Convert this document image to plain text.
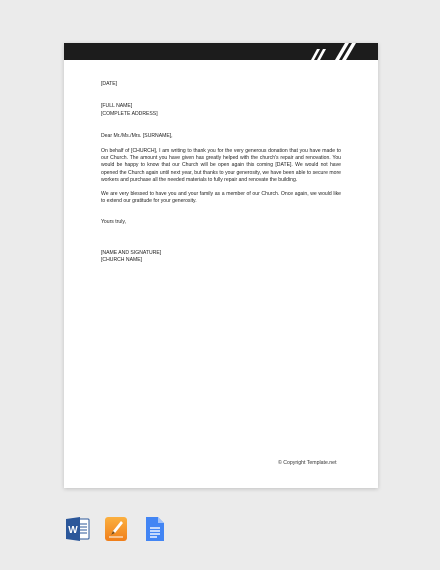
[DATE]

[FULL NAME]

[COMPLETE ADDRESS]

Dear Mr./Ms./Mrs. [SURNAME],

On behalf of [CHURCH], I am writing to thank you for the very generous donation that you have made to our Church. The amount you have given has greatly helped with the church's repair and renovation. You would be happy to know that our Church will be open again this coming [DATE]. We would not have opened the Church again until next year, but thanks to your generosity, we have been able to secure more workers and purchase all the needed materials to fully repair and renovate the building.

We are very blessed to have you and your family as a member of our Church. Once again, we would like to extend our gratitude for your generosity.

Yours truly,

[NAME AND SIGNATURE]

[CHURCH NAME]

© Copyright Template.net
W
